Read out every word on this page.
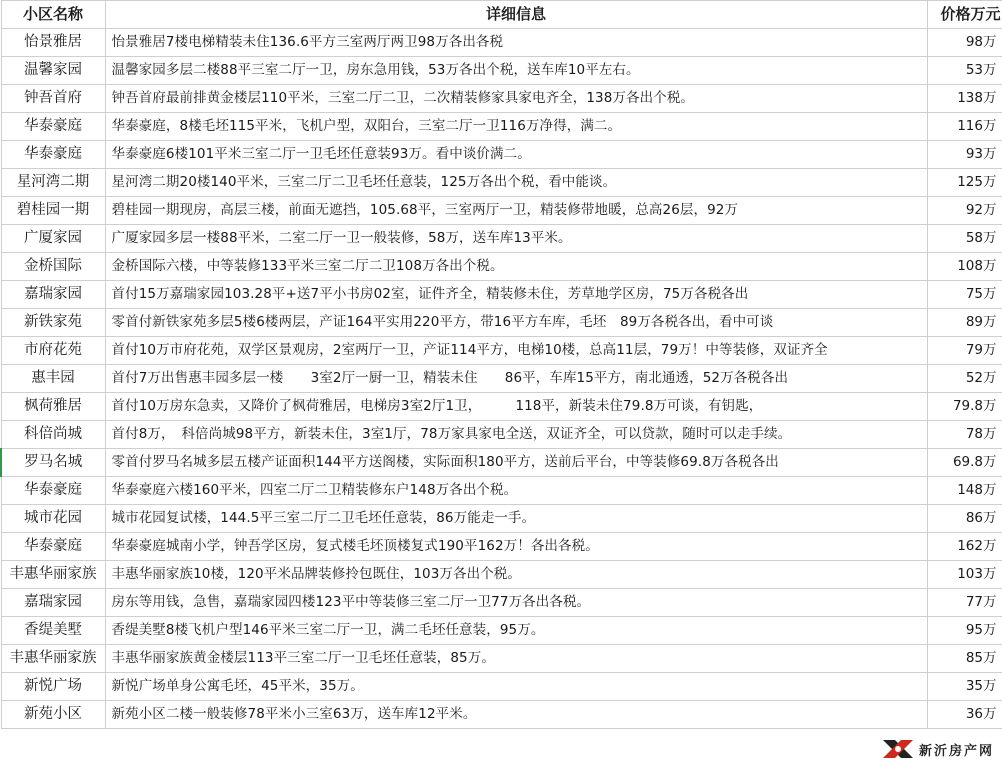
小区名称	详细信息	价格万元
怡景雅居	怡景雅居7楼电梯精装未住136.6平方三室两厅两卫98万各出各税	98万
温馨家园	温馨家园多层二楼88平三室二厅一卫，房东急用钱，53万各出个税，送车库10平左右。	53万
钟吾首府	钟吾首府最前排黄金楼层110平米，三室二厅二卫，二次精装修家具家电齐全，138万各出个税。	138万
华泰豪庭	华泰豪庭，8楼毛坯115平米，飞机户型，双阳台，三室二厅一卫116万净得，满二。	116万
华泰豪庭	华泰豪庭6楼101平米三室二厅一卫毛坯任意装93万。看中谈价满二。	93万
星河湾二期	星河湾二期20楼140平米，三室二厅二卫毛坯任意装，125万各出个税，看中能谈。	125万
碧桂园一期	碧桂园一期现房，高层三楼，前面无遮挡，105.68平，三室两厅一卫，精装修带地暖，总高26层，92万	92万
广厦家园	广厦家园多层一楼88平米，二室二厅一卫一般装修，58万，送车库13平米。	58万
金桥国际	金桥国际六楼，中等装修133平米三室二厅二卫108万各出个税。	108万
嘉瑞家园	首付15万嘉瑞家园103.28平+送7平小书房02室，证件齐全，精装修未住，芳草地学区房，75万各税各出	75万
新铁家苑	零首付新铁家苑多层5楼6楼两层，产证164平实用220平方，带16平方车库，毛坯　89万各税各出，看中可谈	89万
市府花苑	首付10万市府花苑，双学区景观房，2室两厅一卫，产证114平方，电梯10楼，总高11层，79万！中等装修，双证齐全	79万
惠丰园	首付7万出售惠丰园多层一楼　　3室2厅一厨一卫，精装未住　　86平，车库15平方，南北通透，52万各税各出	52万
枫荷雅居	首付10万房东急卖，又降价了枫荷雅居，电梯房3室2厅1卫，　　　118平，新装未住79.8万可谈，有钥匙，	79.8万
科倍尚城	首付8万，　科倍尚城98平方，新装未住，3室1厅，78万家具家电全送，双证齐全，可以贷款，随时可以走手续。	78万
罗马名城	零首付罗马名城多层五楼产证面积144平方送阁楼，实际面积180平方，送前后平台，中等装修69.8万各税各出	69.8万
华泰豪庭	华泰豪庭六楼160平米，四室二厅二卫精装修东户148万各出个税。	148万
城市花园	城市花园复试楼，144.5平三室二厅二卫毛坯任意装，86万能走一手。	86万
华泰豪庭	华泰豪庭城南小学，钟吾学区房，复式楼毛坯顶楼复式190平162万！各出各税。	162万
丰惠华丽家族	丰惠华丽家族10楼，120平米品牌装修拎包既住，103万各出个税。	103万
嘉瑞家园	房东等用钱，急售，嘉瑞家园四楼123平中等装修三室二厅一卫77万各出各税。	77万
香缇美墅	香缇美墅8楼飞机户型146平米三室二厅一卫，满二毛坯任意装，95万。	95万
丰惠华丽家族	丰惠华丽家族黄金楼层113平三室二厅一卫毛坯任意装，85万。	85万
新悦广场	新悦广场单身公寓毛坯，45平米，35万。	35万
新苑小区	新苑小区二楼一般装修78平米小三室63万，送车库12平米。	36万
新沂房产网
